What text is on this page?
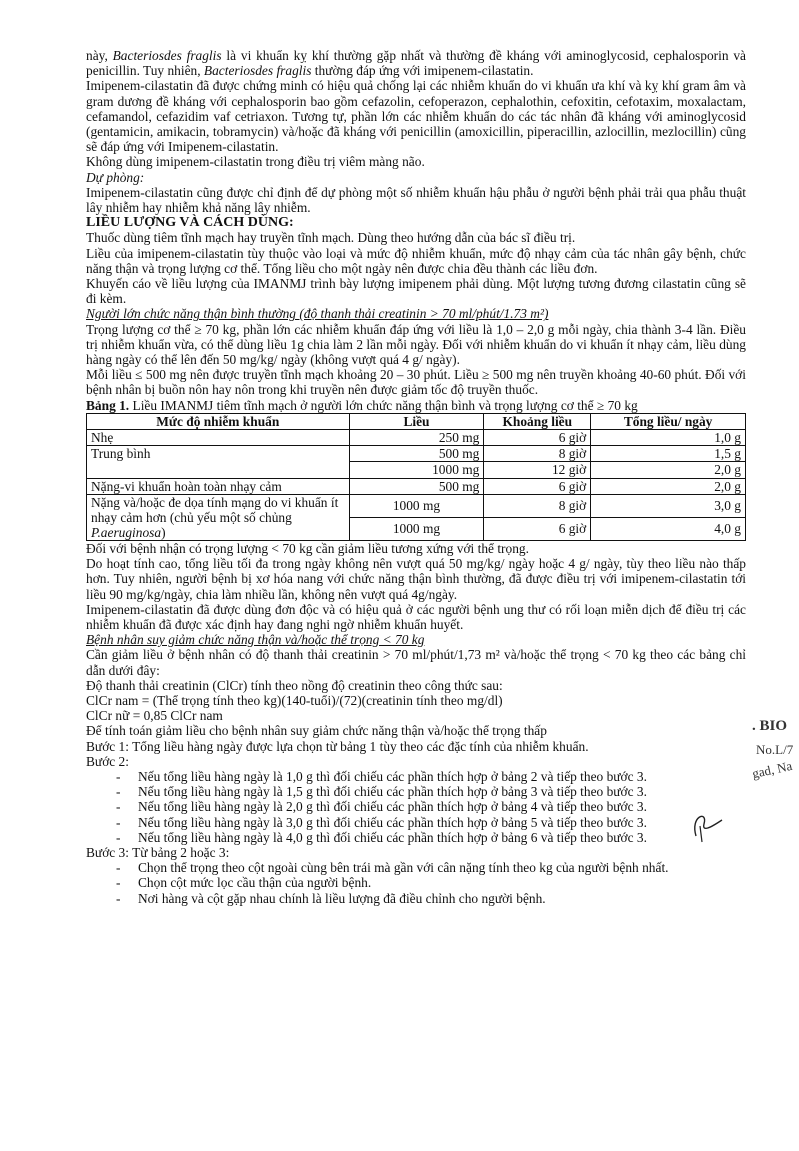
này, Bacteriosdes fraglis là vi khuẩn kỵ khí thường gặp nhất và thường đề kháng với aminoglycosid, cephalosporin và penicillin. Tuy nhiên, Bacteriosdes fraglis thường đáp ứng với imipenem-cilastatin.

Imipenem-cilastatin đã được chứng minh có hiệu quả chống lại các nhiễm khuẩn do vi khuẩn ưa khí và kỵ khí gram âm và gram dương đề kháng với cephalosporin bao gồm cefazolin, cefoperazon, cephalothin, cefoxitin, cefotaxim, moxalactam, cefamandol, cefazidim vaf cetriaxon. Tương tự, phần lớn các nhiễm khuẩn do các tác nhân đã kháng với aminoglycosid (gentamicin, amikacin, tobramycin) và/hoặc đã kháng với penicillin (amoxicillin, piperacillin, azlocillin, mezlocillin) cũng sẽ đáp ứng với Imipenem-cilastatin.

Không dùng imipenem-cilastatin trong điều trị viêm màng não.

Dự phòng:

Imipenem-cilastatin cũng được chỉ định để dự phòng một số nhiễm khuẩn hậu phẫu ở người bệnh phải trải qua phẫu thuật lây nhiễm hay nhiễm khả năng lây nhiễm.

LIỀU LƯỢNG VÀ CÁCH DÙNG:

Thuốc dùng tiêm tĩnh mạch hay truyền tĩnh mạch. Dùng theo hướng dẫn của bác sĩ điều trị.

Liều của imipenem-cilastatin tùy thuộc vào loại và mức độ nhiễm khuẩn, mức độ nhạy cảm của tác nhân gây bệnh, chức năng thận và trọng lượng cơ thể. Tổng liều cho một ngày nên được chia đều thành các liều đơn.

Khuyến cáo về liều lượng của IMANMJ trình bày lượng imipenem phải dùng. Một lượng tương đương cilastatin cũng sẽ đi kèm.

Người lớn chức năng thận bình thường (độ thanh thải creatinin > 70 ml/phút/1.73 m²)

Trọng lượng cơ thể ≥ 70 kg, phần lớn các nhiễm khuẩn đáp ứng với liều là 1,0 – 2,0 g mỗi ngày, chia thành 3-4 lần. Điều trị nhiễm khuẩn vừa, có thể dùng liều 1g chia làm 2 lần mỗi ngày. Đối với nhiễm khuẩn do vi khuẩn ít nhạy cảm, liều dùng hàng ngày có thể lên đến 50 mg/kg/ ngày (không vượt quá 4 g/ ngày).

Mỗi liều ≤ 500 mg nên được truyền tĩnh mạch khoảng 20 – 30 phút. Liều ≥ 500 mg nên truyền khoảng 40-60 phút. Đối với bệnh nhân bị buồn nôn hay nôn trong khi truyền nên được giảm tốc độ truyền thuốc.

Bảng 1. Liều IMANMJ tiêm tĩnh mạch ở người lớn chức năng thận bình và trọng lượng cơ thể ≥ 70 kg

Mức độ nhiễm khuẩn	Liều	Khoảng liều	Tổng liều/ ngày
Nhẹ	250 mg	6 giờ	1,0 g
Trung bình	500 mg	8 giờ	1,5 g
	1000 mg	12 giờ	2,0 g
Nặng-vi khuẩn hoàn toàn nhạy cảm	500 mg	6 giờ	2,0 g
Nặng và/hoặc đe dọa tính mạng do vi khuẩn ít nhạy cảm hơn (chủ yếu một số chủng P.aeruginosa)	1000 mg	8 giờ	3,0 g
	1000 mg	6 giờ	4,0 g

Đối với bệnh nhận có trọng lượng < 70 kg cần giảm liều tương xứng với thể trọng.

Do hoạt tính cao, tổng liều tối đa trong ngày không nên vượt quá 50 mg/kg/ ngày hoặc 4 g/ ngày, tùy theo liều nào thấp hơn. Tuy nhiên, người bệnh bị xơ hóa nang với chức năng thận bình thường, đã được điều trị với imipenem-cilastatin tới liều 90 mg/kg/ngày, chia làm nhiều lần, không nên vượt quá 4g/ngày.

Imipenem-cilastatin đã được dùng đơn độc và có hiệu quả ở các người bệnh ung thư có rối loạn miễn dịch để điều trị các nhiễm khuẩn đã được xác định hay đang nghi ngờ nhiễm khuẩn huyết.

Bệnh nhân suy giảm chức năng thận và/hoặc thể trọng < 70 kg

Cần giảm liều ở bệnh nhân có độ thanh thải creatinin > 70 ml/phút/1,73 m² và/hoặc thể trọng < 70 kg theo các bảng chỉ dẫn dưới đây:

Độ thanh thải creatinin (ClCr) tính theo nồng độ creatinin theo công thức sau:

ClCr nam = (Thể trọng tính theo kg)(140-tuổi)/(72)(creatinin tính theo mg/dl)

ClCr nữ = 0,85 ClCr nam

Để tính toán giảm liều cho bệnh nhân suy giảm chức năng thận và/hoặc thể trọng thấp

Bước 1: Tổng liều hàng ngày được lựa chọn từ bảng 1 tùy theo các đặc tính của nhiễm khuẩn.

Bước 2:

- Nếu tổng liều hàng ngày là 1,0 g thì đối chiếu các phần thích hợp ở bảng 2 và tiếp theo bước 3.
- Nếu tổng liều hàng ngày là 1,5 g thì đối chiếu các phần thích hợp ở bảng 3 và tiếp theo bước 3.
- Nếu tổng liều hàng ngày là 2,0 g thì đối chiếu các phần thích hợp ở bảng 4 và tiếp theo bước 3.
- Nếu tổng liều hàng ngày là 3,0 g thì đối chiếu các phần thích hợp ở bảng 5 và tiếp theo bước 3.
- Nếu tổng liều hàng ngày là 4,0 g thì đối chiếu các phần thích hợp ở bảng 6 và tiếp theo bước 3.

Bước 3: Từ bảng 2 hoặc 3:

- Chọn thể trọng theo cột ngoài cùng bên trái mà gần với cân nặng tính theo kg của người bệnh nhất.
- Chọn cột mức lọc cầu thận của người bệnh.
- Nơi hàng và cột gặp nhau chính là liều lượng đã điều chỉnh cho người bệnh.
. BIO
No.L/7
gad, Na
